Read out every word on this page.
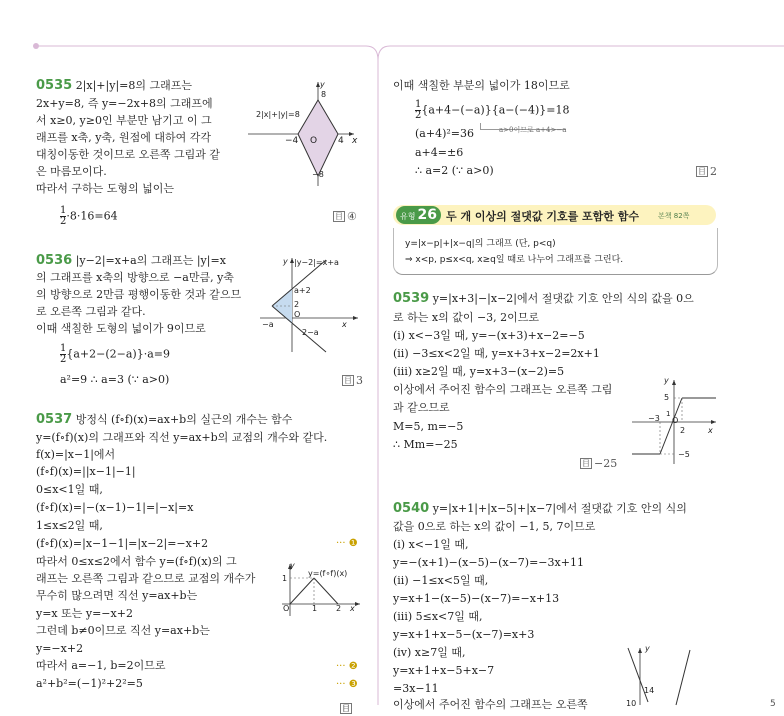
0535 2|x|+|y|=8의 그래프는
2x+y=8, 즉 y=−2x+8의 그래프에
서 x≥0, y≥0인 부분만 남기고 이 그
래프를 x축, y축, 원점에 대하여 각각
대칭이동한 것이므로 오른쪽 그림과 같
은 마름모이다.
따라서 구하는 도형의 넓이는
$\frac{1}{2} \cdot 8\cdot 16=64$	目 ④
2|x|+|y|=8
8
y
−4 O 4 x
−8
0536 |y−2|=x+a의 그래프는 |y|=x
의 그래프를 x축의 방향으로 −a만큼, y축
의 방향으로 2만큼 평행이동한 것과 같으므
로 오른쪽 그림과 같다.
이때 색칠한 도형의 넓이가 9이므로
$\frac{1}{2} \{a+2-(2-a)\}\cdot a=9$
a²=9 ∴ a=3 (∵ a>0)	目 3
|y−2|=x+a
y
a+2
2
O
−a
2−a
x
0537 방정식 (f∘f)(x)=ax+b의 실근의 개수는 함수
y=(f∘f)(x)의 그래프와 직선 y=ax+b의 교점의 개수와 같다.
f(x)=|x−1|에서
(f∘f)(x)=||x−1|−1|
0≤x<1일 때,
(f∘f)(x)=|−(x−1)−1|=|−x|=x
1≤x≤2일 때,
(f∘f)(x)=|x−1−1|=|x−2|=−x+2	··· ❶
따라서 0≤x≤2에서 함수 y=(f∘f)(x)의 그
래프는 오른쪽 그림과 같으므로 교점의 개수가
무수히 많으려면 직선 y=ax+b는
y=x 또는 y=−x+2
그런데 b≠0이므로 직선 y=ax+b는
y=−x+2
따라서 a=−1, b=2이므로	··· ❷
a²+b²=(−1)²+2²=5	··· ❸
目
y
y=(f∘f)(x)
1
O	1 2 x
이때 색칠한 부분의 넓이가 18이므로
$\frac{1}{2} \{a+4-(-a)\}\{a-(-4)\}=18$
(a+4)²=36	a>0이므로 a+4>−a
a+4=±6
∴ a=2 (∵ a>0)	目 2
유형 26 두 개 이상의 절댓값 기호를 포함한 함수	본책 82쪽
y=|x−p|+|x−q|의 그래프 (단, p<q)
⇒ x<p, p≤x<q, x≥q일 때로 나누어 그래프를 그린다.
0539 y=|x+3|−|x−2|에서 절댓값 기호 안의 식의 값을 0으
로 하는 x의 값이 −3, 2이므로
(i) x<−3일 때, y=−(x+3)+x−2=−5
(ii) −3≤x<2일 때, y=x+3+x−2=2x+1
(iii) x≥2일 때, y=x+3−(x−2)=5
이상에서 주어진 함수의 그래프는 오른쪽 그림
과 같으므로
M=5, m=−5
∴ Mm=−25
目 −25
y
5
−3 1
O
2	x
−5
0540 y=|x+1|+|x−5|+|x−7|에서 절댓값 기호 안의 식의
값을 0으로 하는 x의 값이 −1, 5, 7이므로
(i) x<−1일 때,
y=−(x+1)−(x−5)−(x−7)=−3x+11
(ii) −1≤x<5일 때,
y=x+1−(x−5)−(x−7)=−x+13
(iii) 5≤x<7일 때,
y=x+1+x−5−(x−7)=x+3
(iv) x≥7일 때,
y=x+1+x−5+x−7
=3x−11
이상에서 주어진 함수의 그래프는 오른쪽
y
14
10	5
